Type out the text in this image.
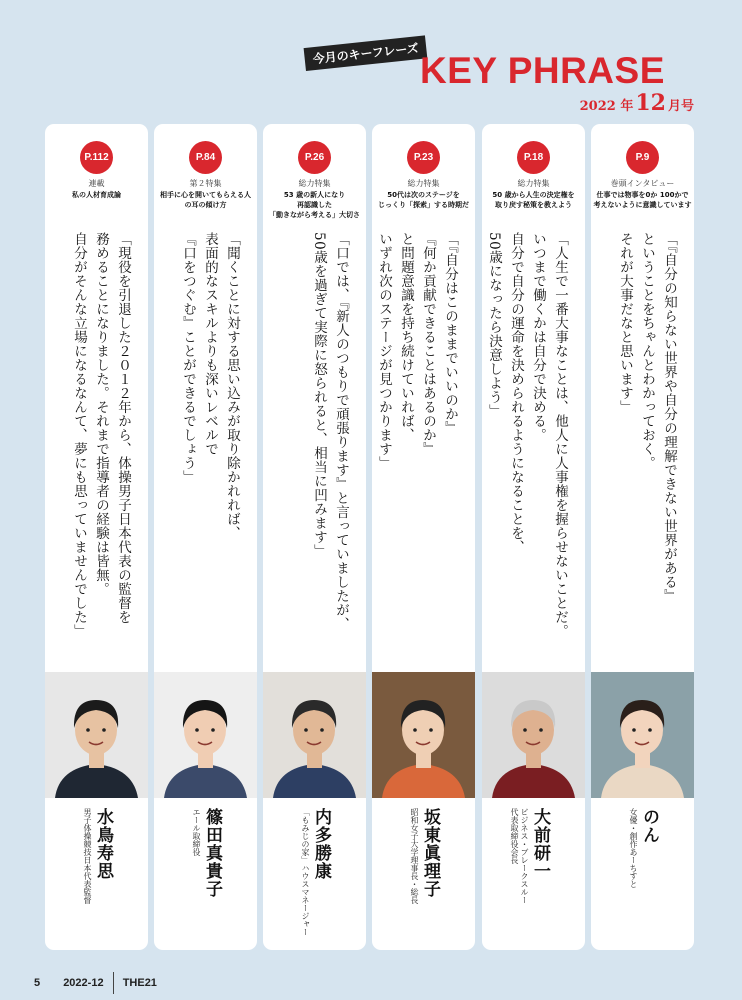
今月のキーフレーズ KEY PHRASE
2022 年12 月号
P.112
連載
私の人材育成論
「現役を引退した２０１２年から、体操男子日本代表の監督を
務めることになりました。それまで指導者の経験は皆無。
自分がそんな立場になるなんて、夢にも思っていませんでした」
水鳥寿思
男子体操競技日本代表監督
P.84
第２特集
相手に心を開いてもらえる人
の耳の傾け方
「聞くことに対する思い込みが取り除かれれば、
表面的なスキルよりも深いレベルで
『口をつぐむ』ことができるでしょう」
篠田真貴子
エール取締役
P.26
総力特集
53 歳の新人になり
再認識した
「動きながら考える」大切さ
「口では、『新人のつもりで頑張ります』と言っていましたが、
50歳を過ぎて実際に怒られると、相当に凹みます」
内多勝康
「もみじの家」ハウスマネージャー
P.23
総力特集
50代は次のステージを
じっくり「探索」する時期だ
「『自分はこのままでいいのか』
『何か貢献できることはあるのか』
と問題意識を持ち続けていれば、
いずれ次のステージが見つかります」
坂東眞理子
昭和女子大学理事長・総長
P.18
総力特集
50 歳から人生の決定権を
取り戻す秘策を教えよう
「人生で一番大事なことは、他人に人事権を握らせないことだ。
いつまで働くかは自分で決める。
自分で自分の運命を決められるようになることを、
50歳になったら決意しよう」
大前研一
ビジネス・ブレークスルー
代表取締役会長
P.9
巻頭インタビュー
仕事では物事を0か 100かで
考えないように意識しています
「『自分の知らない世界や自分の理解できない世界がある』
ということをちゃんとわかっておく。
それが大事だなと思います」
のん
女優・創作あーちすと
5 2022-12 THE21
